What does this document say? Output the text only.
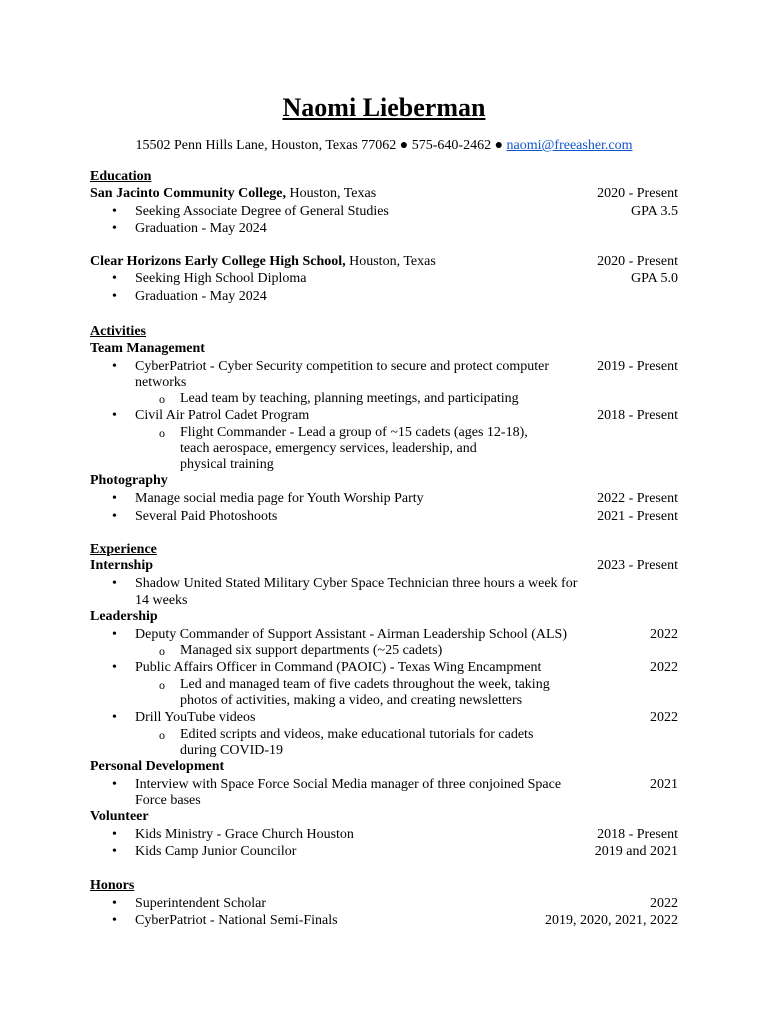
Naomi Lieberman
15502 Penn Hills Lane, Houston, Texas 77062 ● 575-640-2462 ● naomi@freeasher.com
Education
San Jacinto Community College, Houston, Texas	2020 - Present
• Seeking Associate Degree of General Studies	GPA 3.5
• Graduation - May 2024
Clear Horizons Early College High School, Houston, Texas	2020 - Present
• Seeking High School Diploma	GPA 5.0
• Graduation - May 2024
Activities
Team Management
• CyberPatriot - Cyber Security competition to secure and protect computer	2019 - Present
networks
o Lead team by teaching, planning meetings, and participating
• Civil Air Patrol Cadet Program	2018 - Present
o Flight Commander - Lead a group of ~15 cadets (ages 12-18),
teach aerospace, emergency services, leadership, and
physical training
Photography
• Manage social media page for Youth Worship Party	2022 - Present
• Several Paid Photoshoots	2021 - Present
Experience
Internship	2023 - Present
• Shadow United Stated Military Cyber Space Technician three hours a week for
14 weeks
Leadership
• Deputy Commander of Support Assistant - Airman Leadership School (ALS)	2022
o Managed six support departments (~25 cadets)
• Public Affairs Officer in Command (PAOIC) - Texas Wing Encampment	2022
o Led and managed team of five cadets throughout the week, taking
photos of activities, making a video, and creating newsletters
• Drill YouTube videos	2022
o Edited scripts and videos, make educational tutorials for cadets
during COVID-19
Personal Development
• Interview with Space Force Social Media manager of three conjoined Space	2021
Force bases
Volunteer
• Kids Ministry - Grace Church Houston	2018 - Present
• Kids Camp Junior Councilor	2019 and 2021
Honors
• Superintendent Scholar	2022
• CyberPatriot - National Semi-Finals	2019, 2020, 2021, 2022
